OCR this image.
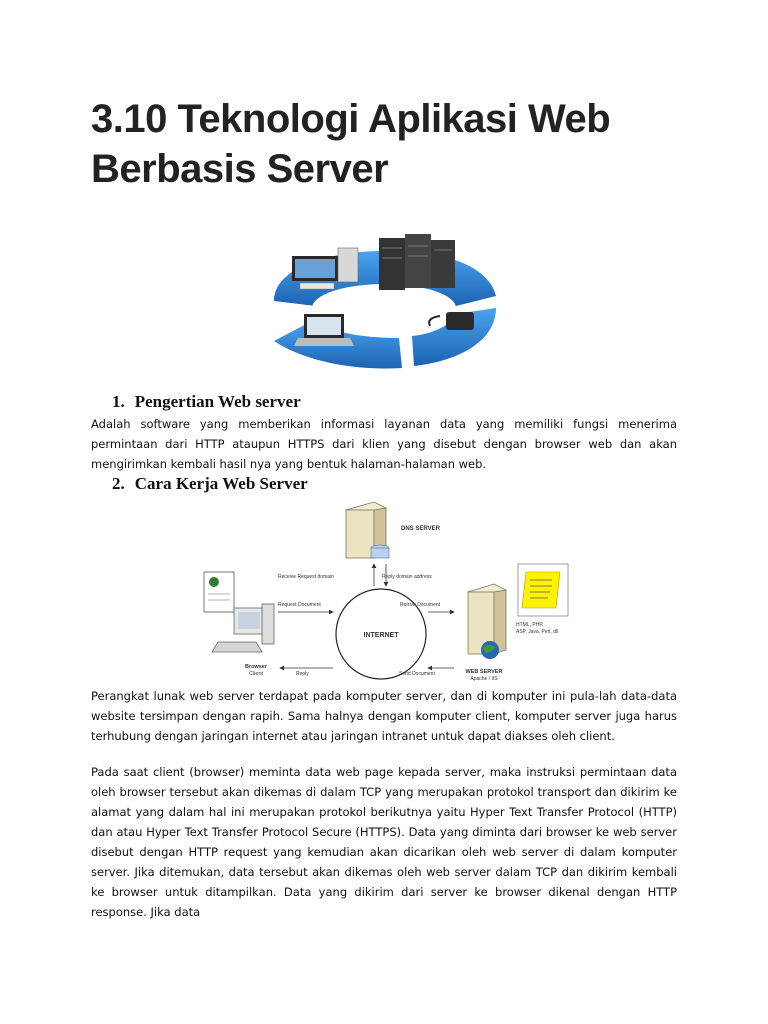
3.10 Teknologi Aplikasi Web Berbasis Server
1. Pengertian Web server

Adalah software yang memberikan informasi layanan data yang memiliki fungsi menerima permintaan dari HTTP ataupun HTTPS dari klien yang disebut dengan browser web dan akan mengirimkan kembali hasil nya yang bentuk halaman-halaman web.

2. Cara Kerja Web Server
DNS SERVER
INTERNET
Receive Request domain	Reply domain address
Browser
Client
Request Document
Reply
Retrive Document
Send Document	WEB SERVER
Apache / IIS
HTML, PHP,
ASP, Java, Perl, dll

Perangkat lunak web server terdapat pada komputer server, dan di komputer ini pula-lah data-data website tersimpan dengan rapih. Sama halnya dengan komputer client, komputer server juga harus terhubung dengan jaringan internet atau jaringan intranet untuk dapat diakses oleh client.

Pada saat client (browser) meminta data web page kepada server, maka instruksi permintaan data oleh browser tersebut akan dikemas di dalam TCP yang merupakan protokol transport dan dikirim ke alamat yang dalam hal ini merupakan protokol berikutnya yaitu Hyper Text Transfer Protocol (HTTP) dan atau Hyper Text Transfer Protocol Secure (HTTPS). Data yang diminta dari browser ke web server disebut dengan HTTP request yang kemudian akan dicarikan oleh web server di dalam komputer server. Jika ditemukan, data tersebut akan dikemas oleh web server dalam TCP dan dikirim kembali ke browser untuk ditampilkan. Data yang dikirim dari server ke browser dikenal dengan HTTP response. Jika data
